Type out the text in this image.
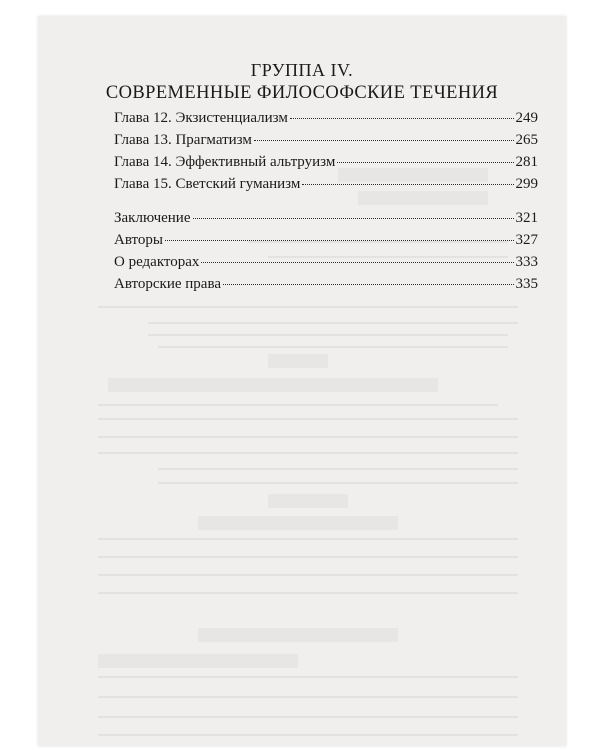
ГРУППА IV.
СОВРЕМЕННЫЕ ФИЛОСОФСКИЕ ТЕЧЕНИЯ
Глава 12. Экзистенциализм	249
Глава 13. Прагматизм	265
Глава 14. Эффективный альтруизм	281
Глава 15. Светский гуманизм	299
Заключение	321
Авторы	327
О редакторах	333
Авторские права	335
